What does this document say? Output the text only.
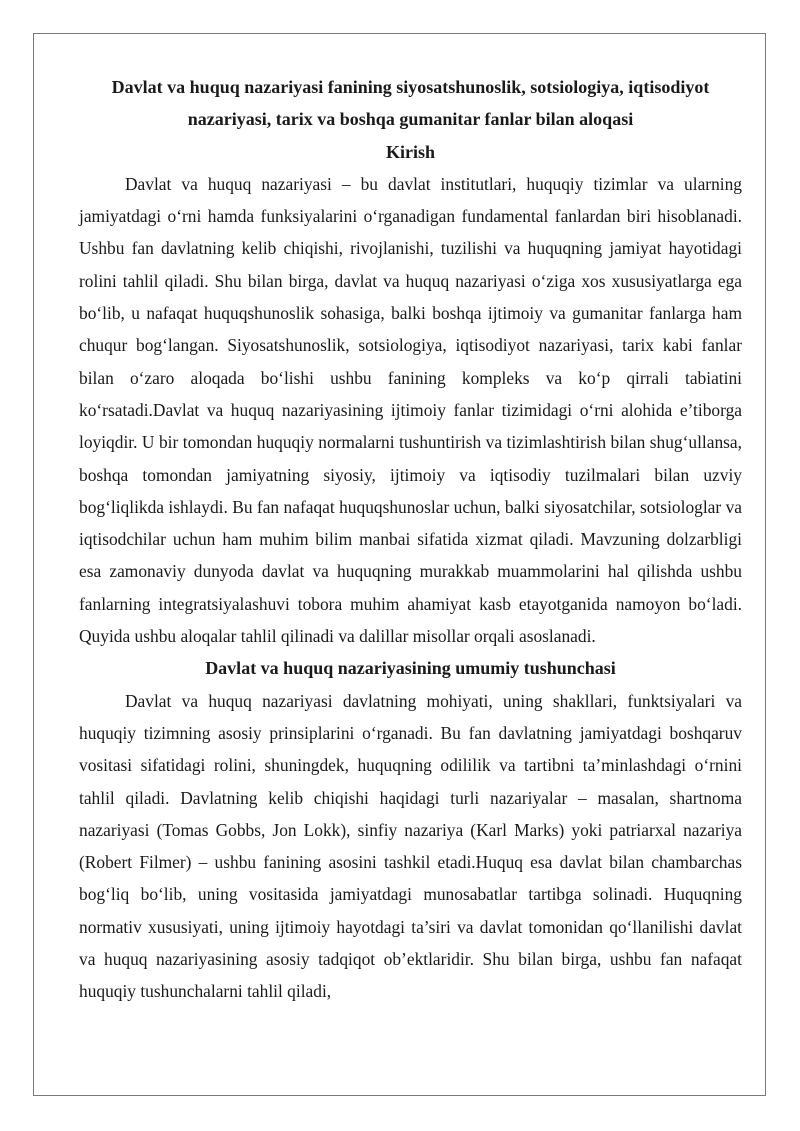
Davlat va huquq nazariyasi fanining siyosatshunoslik, sotsiologiya, iqtisodiyot nazariyasi, tarix va boshqa gumanitar fanlar bilan aloqasi

Kirish

Davlat va huquq nazariyasi – bu davlat institutlari, huquqiy tizimlar va ularning jamiyatdagi o‘rni hamda funksiyalarini o‘rganadigan fundamental fanlardan biri hisoblanadi. Ushbu fan davlatning kelib chiqishi, rivojlanishi, tuzilishi va huquqning jamiyat hayotidagi rolini tahlil qiladi. Shu bilan birga, davlat va huquq nazariyasi o‘ziga xos xususiyatlarga ega bo‘lib, u nafaqat huquqshunoslik sohasiga, balki boshqa ijtimoiy va gumanitar fanlarga ham chuqur bog‘langan. Siyosatshunoslik, sotsiologiya, iqtisodiyot nazariyasi, tarix kabi fanlar bilan o‘zaro aloqada bo‘lishi ushbu fanining kompleks va ko‘p qirrali tabiatini ko‘rsatadi.Davlat va huquq nazariyasining ijtimoiy fanlar tizimidagi o‘rni alohida e’tiborga loyiqdir. U bir tomondan huquqiy normalarni tushuntirish va tizimlashtirish bilan shug‘ullansa, boshqa tomondan jamiyatning siyosiy, ijtimoiy va iqtisodiy tuzilmalari bilan uzviy bog‘liqlikda ishlaydi. Bu fan nafaqat huquqshunoslar uchun, balki siyosatchilar, sotsiologlar va iqtisodchilar uchun ham muhim bilim manbai sifatida xizmat qiladi. Mavzuning dolzarbligi esa zamonaviy dunyoda davlat va huquqning murakkab muammolarini hal qilishda ushbu fanlarning integratsiyalashuvi tobora muhim ahamiyat kasb etayotganida namoyon bo‘ladi. Quyida ushbu aloqalar tahlil qilinadi va dalillar misollar orqali asoslanadi.

Davlat va huquq nazariyasining umumiy tushunchasi

Davlat va huquq nazariyasi davlatning mohiyati, uning shakllari, funktsiyalari va huquqiy tizimning asosiy prinsiplarini o‘rganadi. Bu fan davlatning jamiyatdagi boshqaruv vositasi sifatidagi rolini, shuningdek, huquqning odililik va tartibni ta’minlashdagi o‘rnini tahlil qiladi. Davlatning kelib chiqishi haqidagi turli nazariyalar – masalan, shartnoma nazariyasi (Tomas Gobbs, Jon Lokk), sinfiy nazariya (Karl Marks) yoki patriarxal nazariya (Robert Filmer) – ushbu fanining asosini tashkil etadi.Huquq esa davlat bilan chambarchas bog‘liq bo‘lib, uning vositasida jamiyatdagi munosabatlar tartibga solinadi. Huquqning normativ xususiyati, uning ijtimoiy hayotdagi ta’siri va davlat tomonidan qo‘llanilishi davlat va huquq nazariyasining asosiy tadqiqot ob’ektlaridir. Shu bilan birga, ushbu fan nafaqat huquqiy tushunchalarni tahlil qiladi,
